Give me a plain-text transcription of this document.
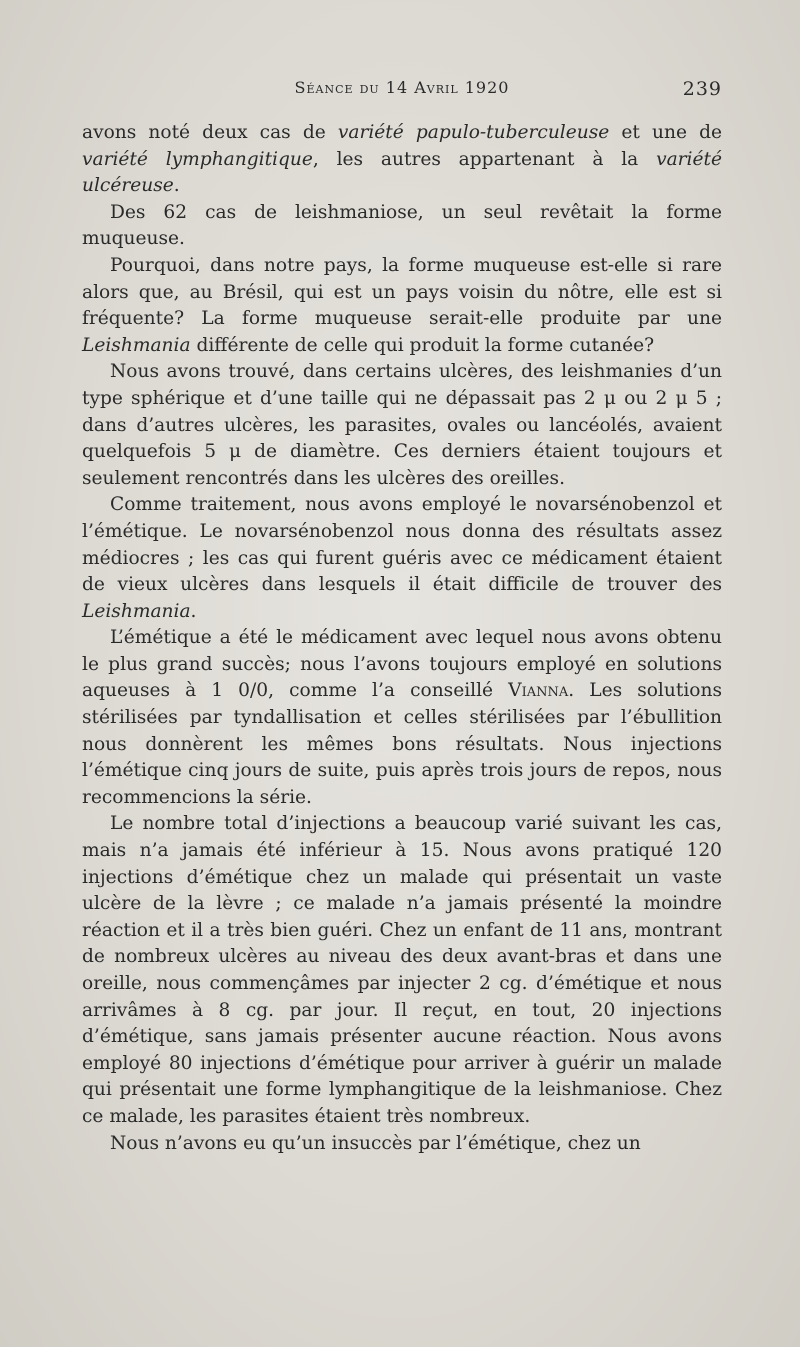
Séance du 14 Avril 1920	239

avons noté deux cas de variété papulo-tuberculeuse et une de variété lymphangitique, les autres appartenant à la variété ulcéreuse.

Des 62 cas de leishmaniose, un seul revêtait la forme muqueuse.

Pourquoi, dans notre pays, la forme muqueuse est-elle si rare alors que, au Brésil, qui est un pays voisin du nôtre, elle est si fréquente? La forme muqueuse serait-elle produite par une Leishmania différente de celle qui produit la forme cutanée?

Nous avons trouvé, dans certains ulcères, des leishmanies d’un type sphérique et d’une taille qui ne dépassait pas 2 μ ou 2 μ 5 ; dans d’autres ulcères, les parasites, ovales ou lancéolés, avaient quelquefois 5 μ de diamètre. Ces derniers étaient toujours et seulement rencontrés dans les ulcères des oreilles.

Comme traitement, nous avons employé le novarsénobenzol et l’émétique. Le novarsénobenzol nous donna des résultats assez médiocres ; les cas qui furent guéris avec ce médicament étaient de vieux ulcères dans lesquels il était difficile de trouver des Leishmania.

L’émétique a été le médicament avec lequel nous avons obtenu le plus grand succès; nous l’avons toujours employé en solutions aqueuses à 1 0/0, comme l’a conseillé Vianna. Les solutions stérilisées par tyndallisation et celles stérilisées par l’ébullition nous donnèrent les mêmes bons résultats. Nous injections l’émétique cinq jours de suite, puis après trois jours de repos, nous recommencions la série.

Le nombre total d’injections a beaucoup varié suivant les cas, mais n’a jamais été inférieur à 15. Nous avons pratiqué 120 injections d’émétique chez un malade qui présentait un vaste ulcère de la lèvre ; ce malade n’a jamais présenté la moindre réaction et il a très bien guéri. Chez un enfant de 11 ans, montrant de nombreux ulcères au niveau des deux avant-bras et dans une oreille, nous commençâmes par injecter 2 cg. d’émétique et nous arrivâmes à 8 cg. par jour. Il reçut, en tout, 20 injections d’émétique, sans jamais présenter aucune réaction. Nous avons employé 80 injections d’émétique pour arriver à guérir un malade qui présentait une forme lymphangitique de la leishmaniose. Chez ce malade, les parasites étaient très nombreux.

Nous n’avons eu qu’un insuccès par l’émétique, chez un
